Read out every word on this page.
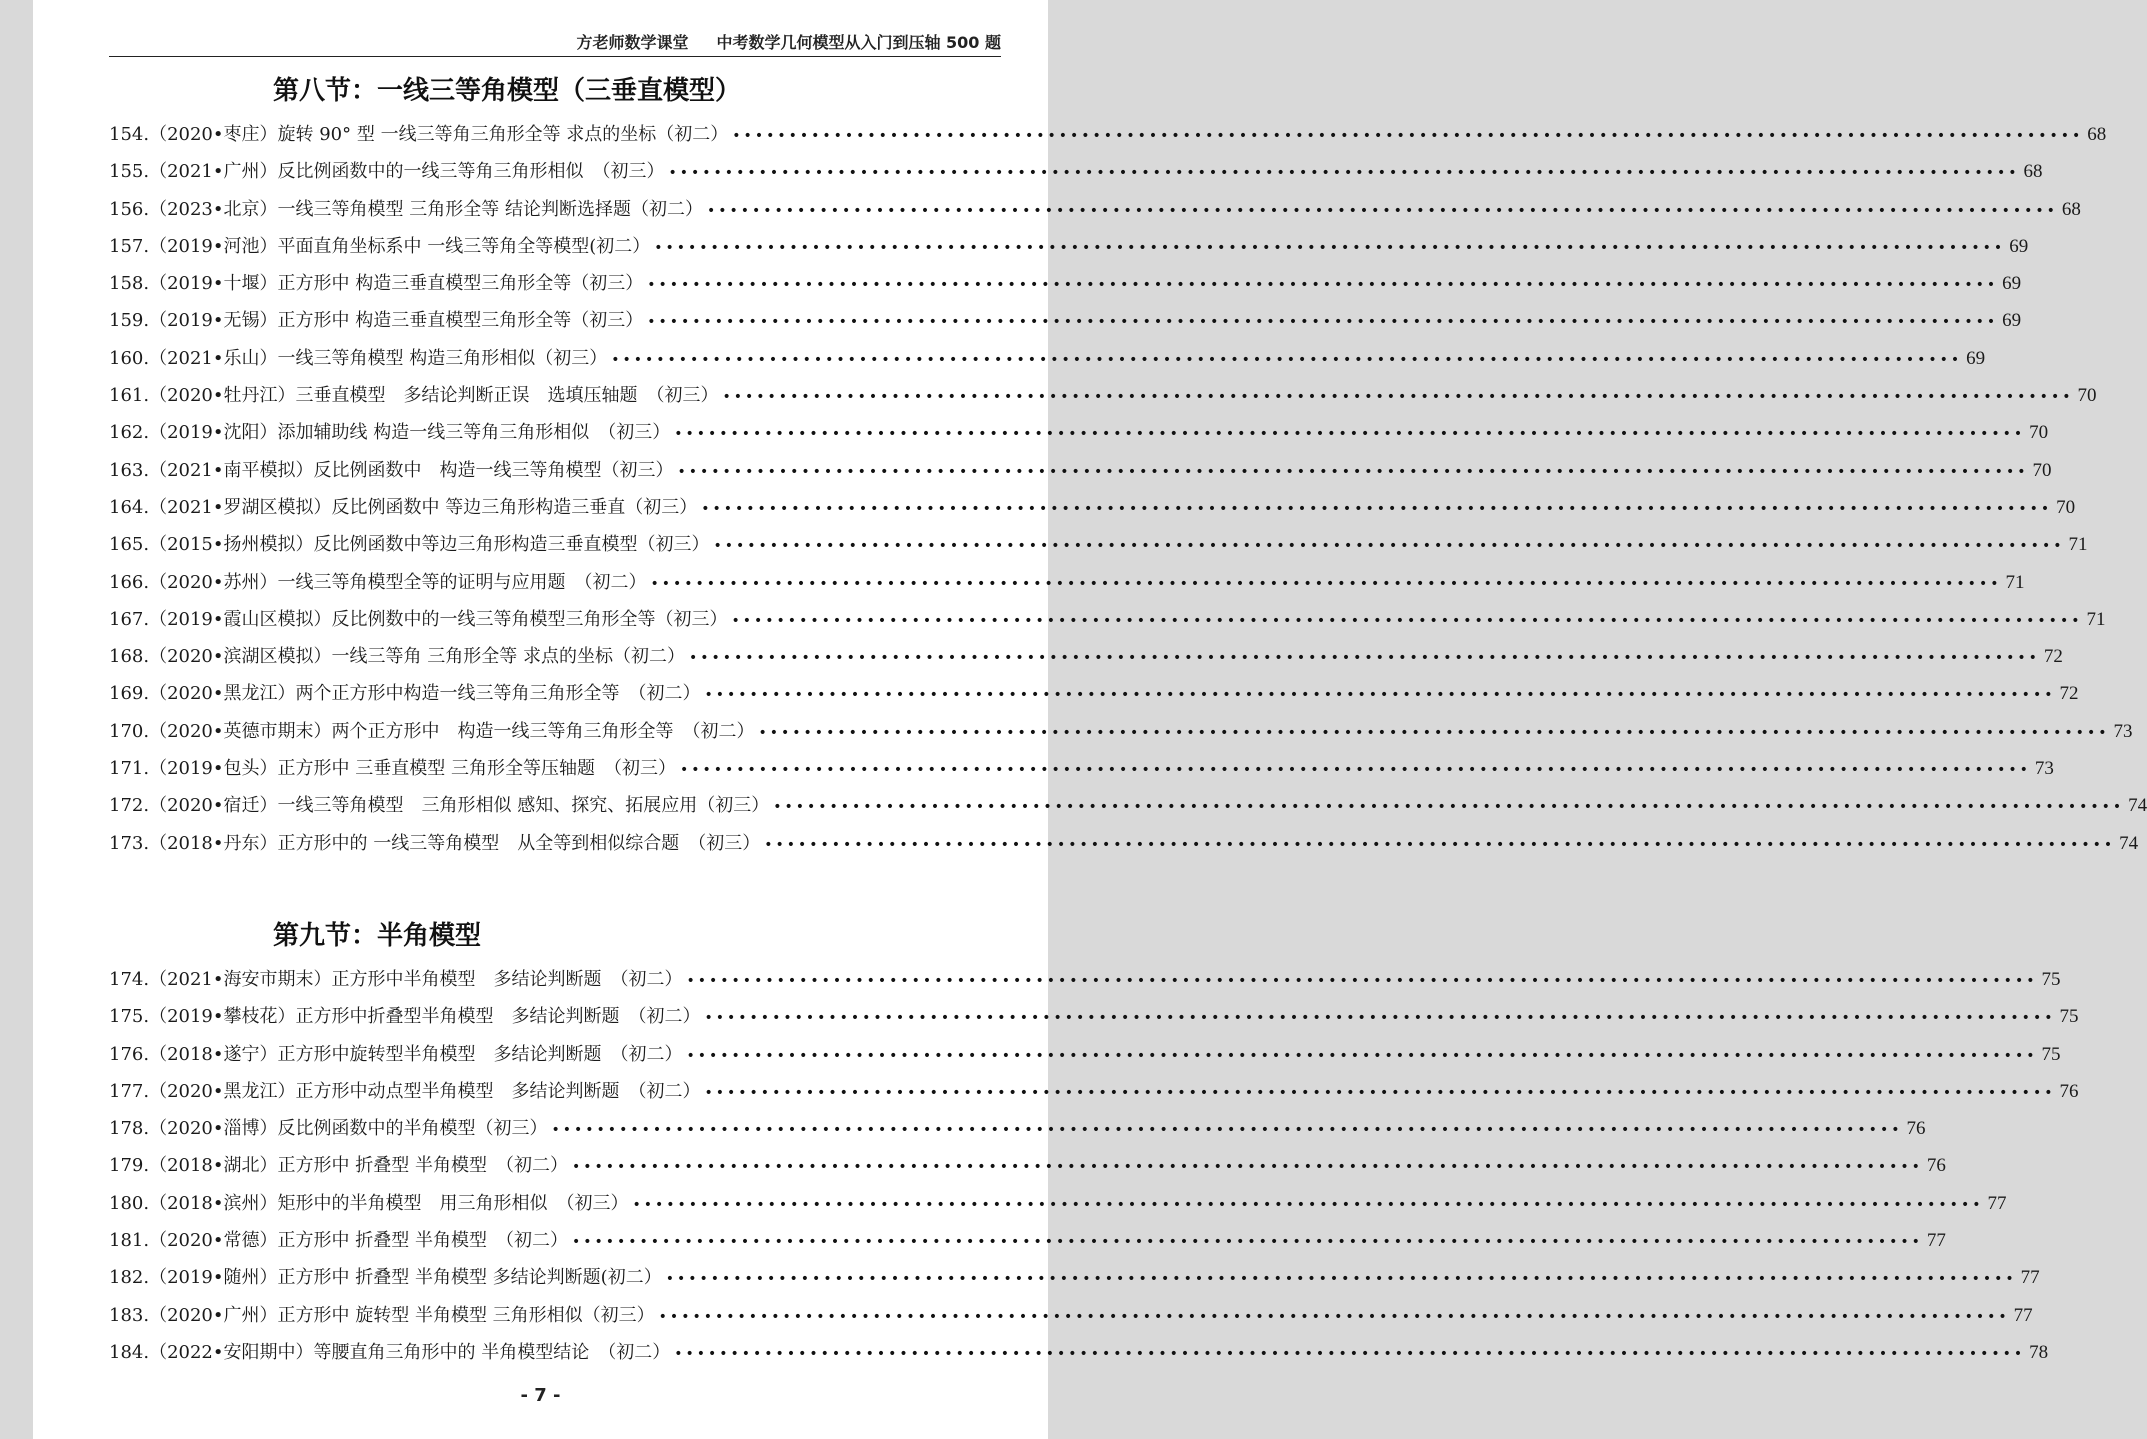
方老师数学课堂 中考数学几何模型从入门到压轴 500 题
第八节：一线三等角模型（三垂直模型）
154. （2020•枣庄）旋转 90° 型 一线三等角三角形全等 求点的坐标（初二） •••••••••••••••••••••••••••••••••••••••••••••••••••••••••••••••••••••••••••••••••••••••••••••••••••••••••••••••••••••••• 68
155. （2021•广州）反比例函数中的一线三等角三角形相似　（初三） •••••••••••••••••••••••••••••••••••••••••••••••••••••••••••••••••••••••••••••••••••••••••••••••••••••••••••••••••••••••• 68
156. （2023•北京）一线三等角模型 三角形全等 结论判断选择题（初二） •••••••••••••••••••••••••••••••••••••••••••••••••••••••••••••••••••••••••••••••••••••••••••••••••••••••••••••••••••••••• 68
157. （2019•河池）平面直角坐标系中 一线三等角全等模型(初二） •••••••••••••••••••••••••••••••••••••••••••••••••••••••••••••••••••••••••••••••••••••••••••••••••••••••••••••••••••••••• 69
158. （2019•十堰）正方形中 构造三垂直模型三角形全等（初三） •••••••••••••••••••••••••••••••••••••••••••••••••••••••••••••••••••••••••••••••••••••••••••••••••••••••••••••••••••••••• 69
159. （2019•无锡）正方形中 构造三垂直模型三角形全等（初三） •••••••••••••••••••••••••••••••••••••••••••••••••••••••••••••••••••••••••••••••••••••••••••••••••••••••••••••••••••••••• 69
160. （2021•乐山）一线三等角模型 构造三角形相似（初三） •••••••••••••••••••••••••••••••••••••••••••••••••••••••••••••••••••••••••••••••••••••••••••••••••••••••••••••••••••••••• 69
161. （2020•牡丹江）三垂直模型　多结论判断正误　选填压轴题　（初三） •••••••••••••••••••••••••••••••••••••••••••••••••••••••••••••••••••••••••••••••••••••••••••••••••••••••••••••••••••••••• 70
162. （2019•沈阳）添加辅助线 构造一线三等角三角形相似　（初三） •••••••••••••••••••••••••••••••••••••••••••••••••••••••••••••••••••••••••••••••••••••••••••••••••••••••••••••••••••••••• 70
163. （2021•南平模拟）反比例函数中　构造一线三等角模型（初三） •••••••••••••••••••••••••••••••••••••••••••••••••••••••••••••••••••••••••••••••••••••••••••••••••••••••••••••••••••••••• 70
164. （2021•罗湖区模拟）反比例函数中 等边三角形构造三垂直（初三） •••••••••••••••••••••••••••••••••••••••••••••••••••••••••••••••••••••••••••••••••••••••••••••••••••••••••••••••••••••••• 70
165. （2015•扬州模拟）反比例函数中等边三角形构造三垂直模型（初三） •••••••••••••••••••••••••••••••••••••••••••••••••••••••••••••••••••••••••••••••••••••••••••••••••••••••••••••••••••••••• 71
166. （2020•苏州）一线三等角模型全等的证明与应用题　（初二） •••••••••••••••••••••••••••••••••••••••••••••••••••••••••••••••••••••••••••••••••••••••••••••••••••••••••••••••••••••••• 71
167. （2019•霞山区模拟）反比例数中的一线三等角模型三角形全等（初三） •••••••••••••••••••••••••••••••••••••••••••••••••••••••••••••••••••••••••••••••••••••••••••••••••••••••••••••••••••••••• 71
168. （2020•滨湖区模拟）一线三等角 三角形全等 求点的坐标（初二） •••••••••••••••••••••••••••••••••••••••••••••••••••••••••••••••••••••••••••••••••••••••••••••••••••••••••••••••••••••••• 72
169. （2020•黑龙江）两个正方形中构造一线三等角三角形全等　（初二） •••••••••••••••••••••••••••••••••••••••••••••••••••••••••••••••••••••••••••••••••••••••••••••••••••••••••••••••••••••••• 72
170. （2020•英德市期末）两个正方形中　构造一线三等角三角形全等　（初二） •••••••••••••••••••••••••••••••••••••••••••••••••••••••••••••••••••••••••••••••••••••••••••••••••••••••••••••••••••••••• 73
171. （2019•包头）正方形中 三垂直模型 三角形全等压轴题　（初三） •••••••••••••••••••••••••••••••••••••••••••••••••••••••••••••••••••••••••••••••••••••••••••••••••••••••••••••••••••••••• 73
172. （2020•宿迁）一线三等角模型　三角形相似 感知、探究、拓展应用（初三） •••••••••••••••••••••••••••••••••••••••••••••••••••••••••••••••••••••••••••••••••••••••••••••••••••••••••••••••••••••••• 74
173. （2018•丹东）正方形中的 一线三等角模型　从全等到相似综合题　（初三） •••••••••••••••••••••••••••••••••••••••••••••••••••••••••••••••••••••••••••••••••••••••••••••••••••••••••••••••••••••••• 74
第九节：半角模型
174. （2021•海安市期末）正方形中半角模型　多结论判断题　（初二） •••••••••••••••••••••••••••••••••••••••••••••••••••••••••••••••••••••••••••••••••••••••••••••••••••••••••••••••••••••••• 75
175. （2019•攀枝花）正方形中折叠型半角模型　多结论判断题　（初二） •••••••••••••••••••••••••••••••••••••••••••••••••••••••••••••••••••••••••••••••••••••••••••••••••••••••••••••••••••••••• 75
176. （2018•遂宁）正方形中旋转型半角模型　多结论判断题　（初二） •••••••••••••••••••••••••••••••••••••••••••••••••••••••••••••••••••••••••••••••••••••••••••••••••••••••••••••••••••••••• 75
177. （2020•黑龙江）正方形中动点型半角模型　多结论判断题　（初二） •••••••••••••••••••••••••••••••••••••••••••••••••••••••••••••••••••••••••••••••••••••••••••••••••••••••••••••••••••••••• 76
178. （2020•淄博）反比例函数中的半角模型（初三） •••••••••••••••••••••••••••••••••••••••••••••••••••••••••••••••••••••••••••••••••••••••••••••••••••••••••••••••••••••••• 76
179. （2018•湖北）正方形中 折叠型 半角模型　（初二） •••••••••••••••••••••••••••••••••••••••••••••••••••••••••••••••••••••••••••••••••••••••••••••••••••••••••••••••••••••••• 76
180. （2018•滨州）矩形中的半角模型　用三角形相似　（初三） •••••••••••••••••••••••••••••••••••••••••••••••••••••••••••••••••••••••••••••••••••••••••••••••••••••••••••••••••••••••• 77
181. （2020•常德）正方形中 折叠型 半角模型　（初二） •••••••••••••••••••••••••••••••••••••••••••••••••••••••••••••••••••••••••••••••••••••••••••••••••••••••••••••••••••••••• 77
182. （2019•随州）正方形中 折叠型 半角模型 多结论判断题(初二） •••••••••••••••••••••••••••••••••••••••••••••••••••••••••••••••••••••••••••••••••••••••••••••••••••••••••••••••••••••••• 77
183. （2020•广州）正方形中 旋转型 半角模型 三角形相似（初三） •••••••••••••••••••••••••••••••••••••••••••••••••••••••••••••••••••••••••••••••••••••••••••••••••••••••••••••••••••••••• 77
184. （2022•安阳期中）等腰直角三角形中的 半角模型结论　（初二） •••••••••••••••••••••••••••••••••••••••••••••••••••••••••••••••••••••••••••••••••••••••••••••••••••••••••••••••••••••••• 78
- 7 -
